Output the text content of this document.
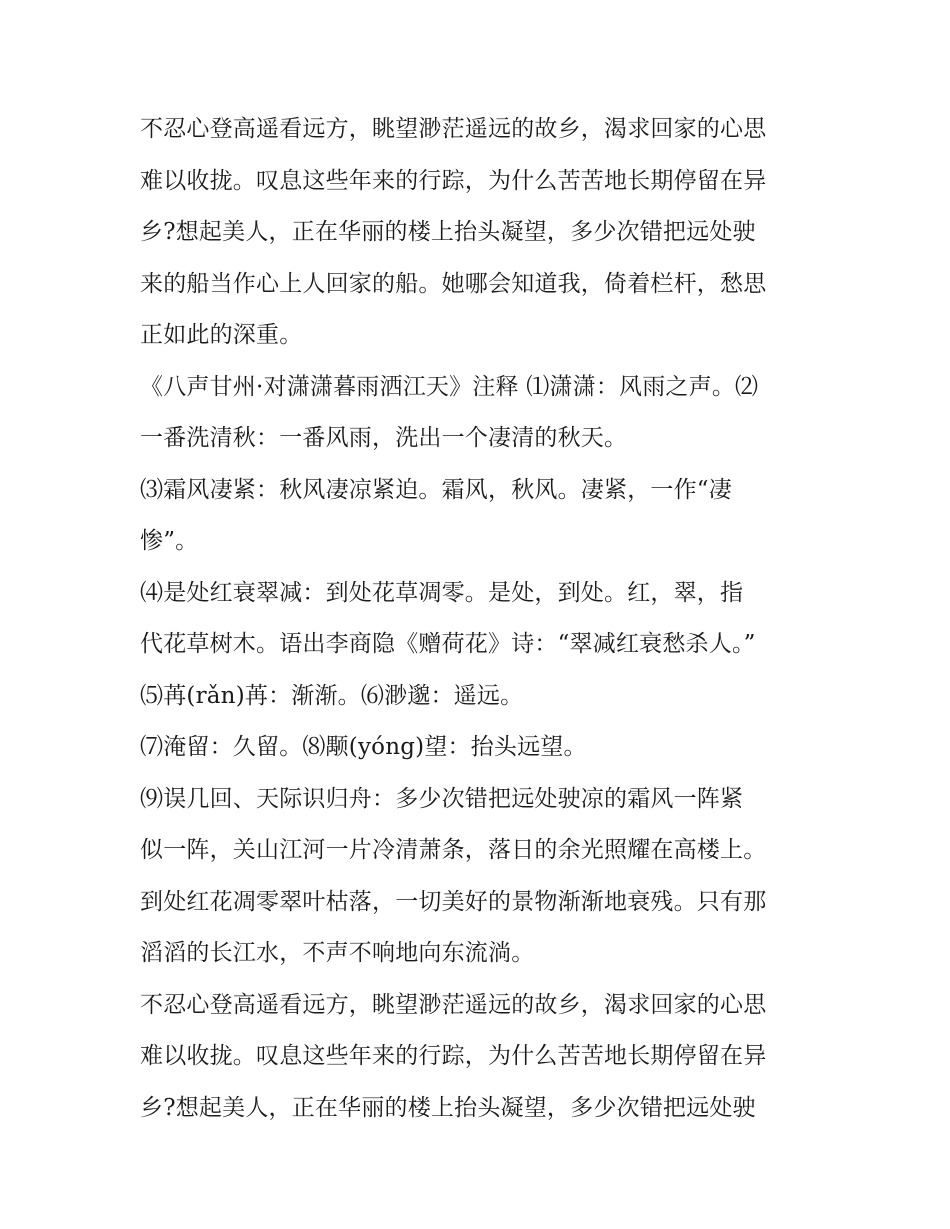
不忍心登高遥看远方，眺望渺茫遥远的故乡，渴求回家的心思
难以收拢。叹息这些年来的行踪，为什么苦苦地长期停留在异
乡?想起美人，正在华丽的楼上抬头凝望，多少次错把远处驶
来的船当作心上人回家的船。她哪会知道我，倚着栏杆，愁思
正如此的深重。
《八声甘州·对潇潇暮雨洒江天》注释 ⑴潇潇：风雨之声。⑵
一番洗清秋：一番风雨，洗出一个凄清的秋天。
⑶霜风凄紧：秋风凄凉紧迫。霜风，秋风。凄紧，一作“凄
惨”。
⑷是处红衰翠减：到处花草凋零。是处，到处。红，翠，指
代花草树木。语出李商隐《赠荷花》诗：“翠减红衰愁杀人。”
⑸苒(rǎn)苒：渐渐。⑹渺邈：遥远。
⑺淹留：久留。⑻颙(yóng)望：抬头远望。
⑼误几回、天际识归舟：多少次错把远处驶凉的霜风一阵紧
似一阵，关山江河一片冷清萧条，落日的余光照耀在高楼上。
到处红花凋零翠叶枯落，一切美好的景物渐渐地衰残。只有那
滔滔的长江水，不声不响地向东流淌。
不忍心登高遥看远方，眺望渺茫遥远的故乡，渴求回家的心思
难以收拢。叹息这些年来的行踪，为什么苦苦地长期停留在异
乡?想起美人，正在华丽的楼上抬头凝望，多少次错把远处驶
